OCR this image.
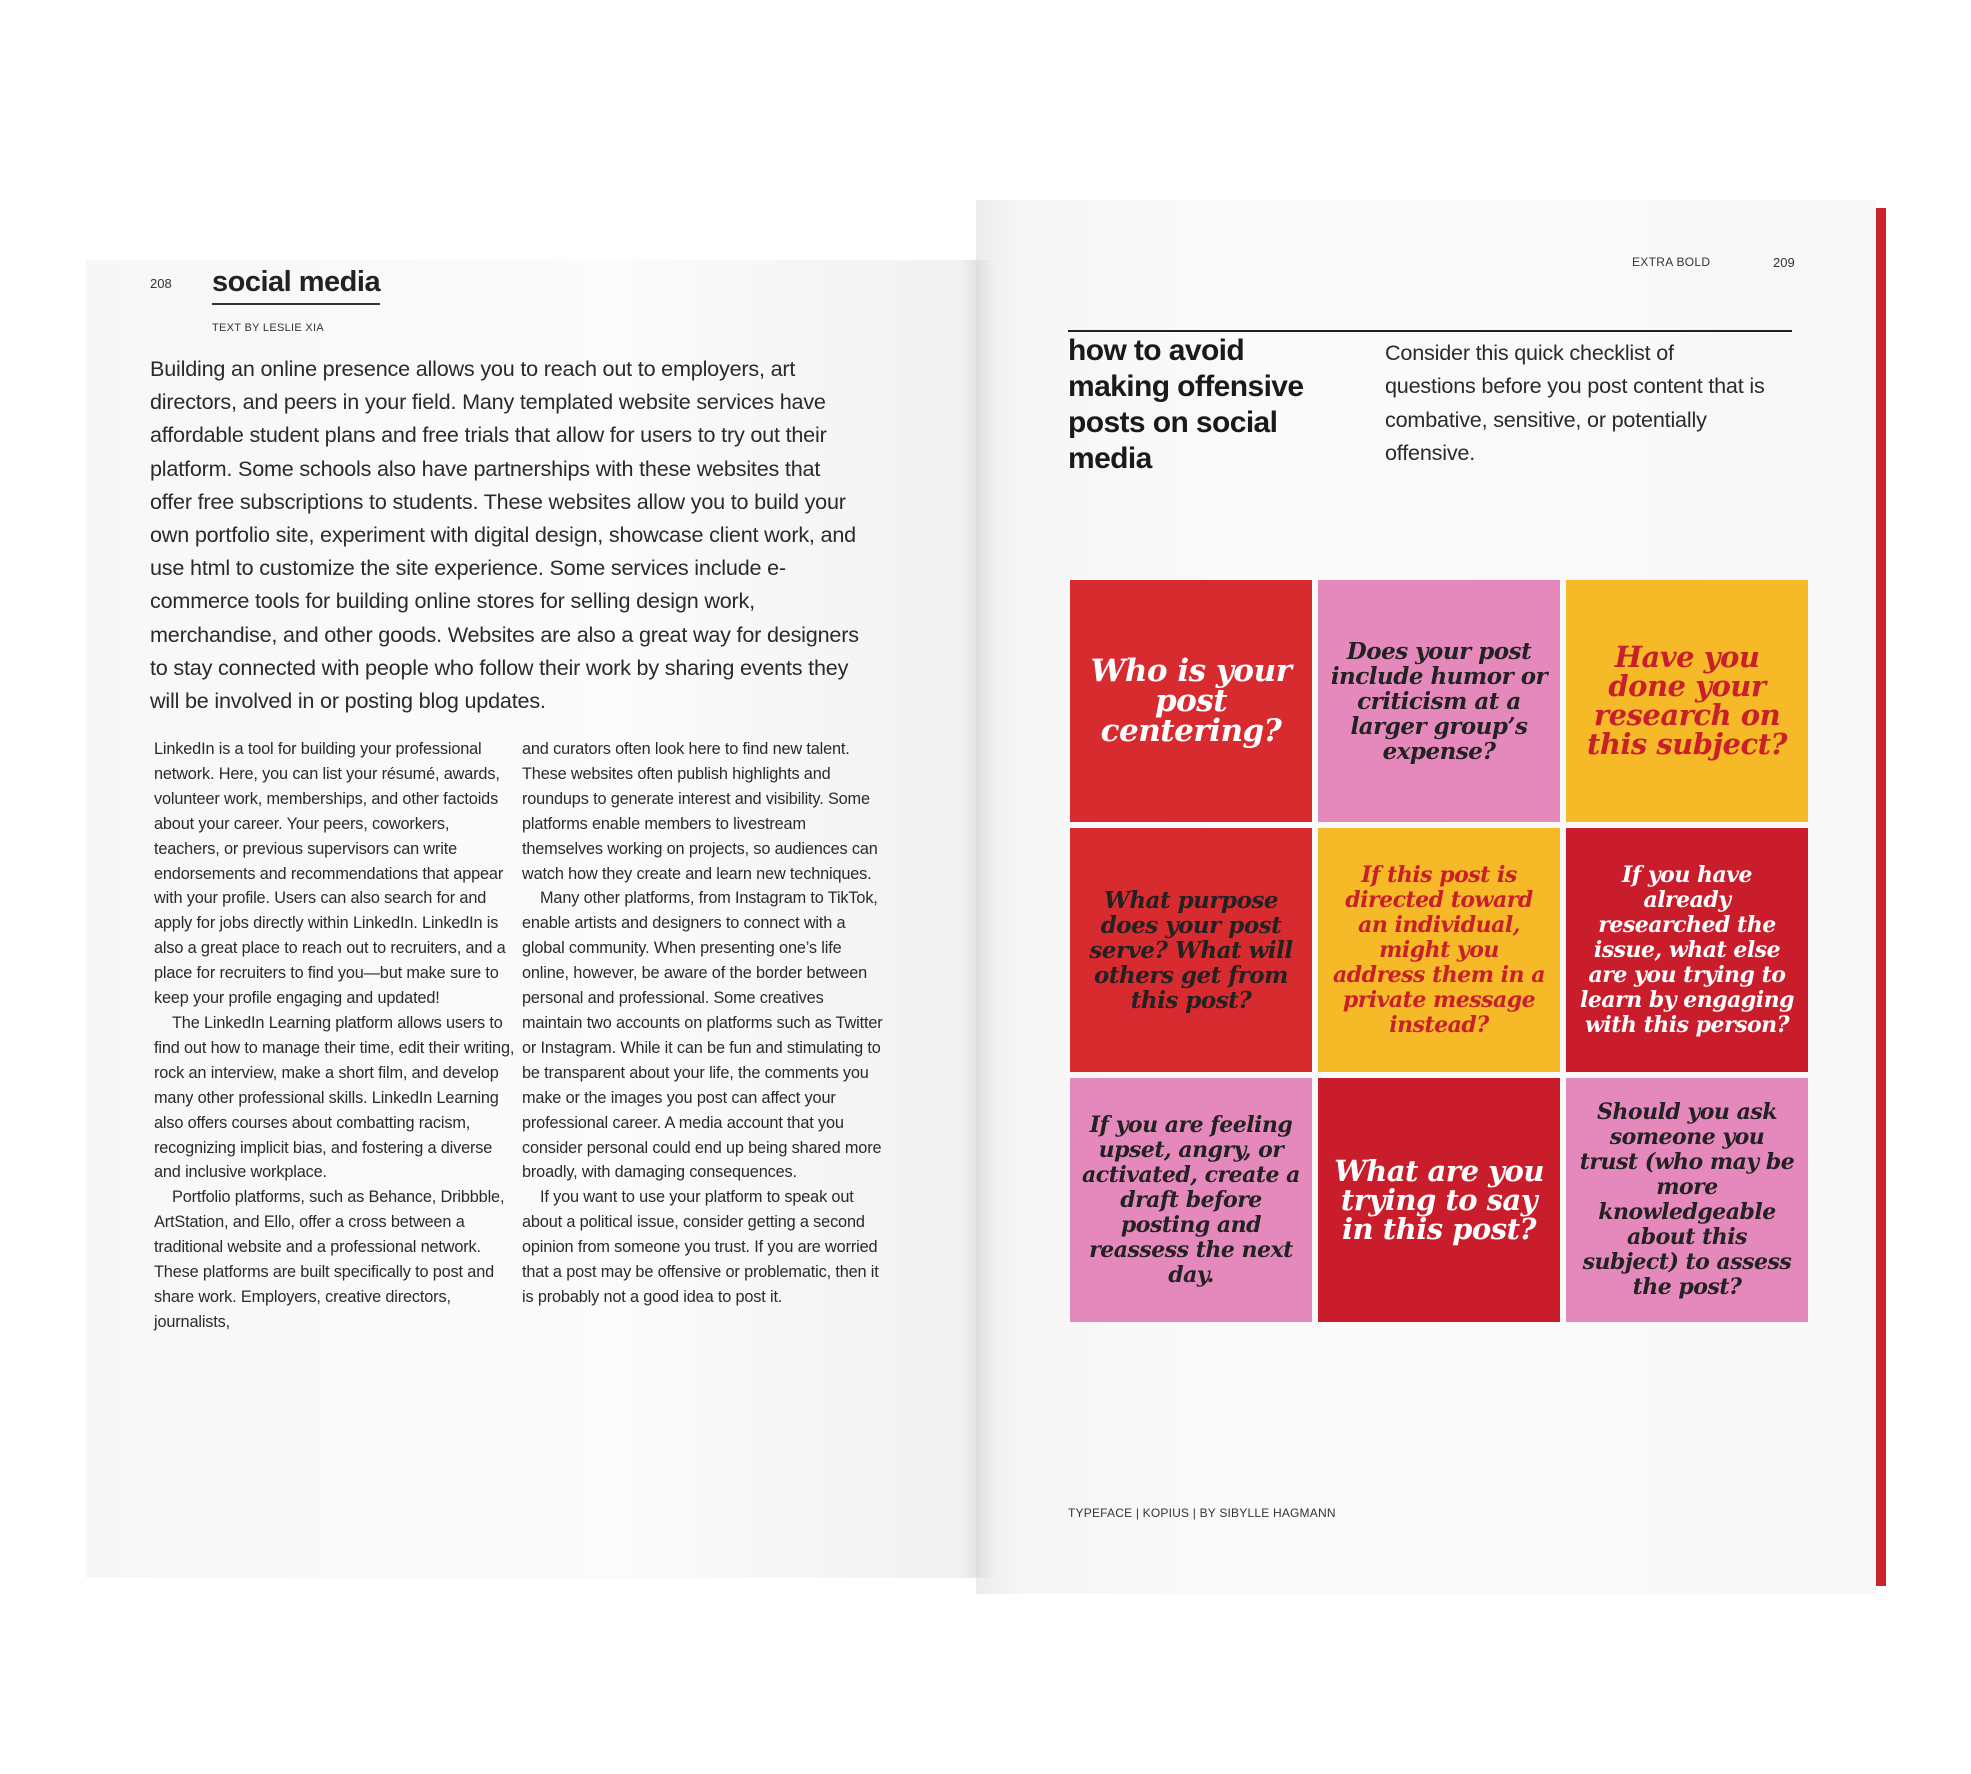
208 social media
TEXT BY LESLIE XIA

Building an online presence allows you to reach out to employers, art directors, and peers in your field. Many templated website services have affordable student plans and free trials that allow for users to try out their platform. Some schools also have partnerships with these websites that offer free subscriptions to students. These websites allow you to build your own portfolio site, experiment with digital design, showcase client work, and use html to customize the site experience. Some services include e-commerce tools for building online stores for selling design work, merchandise, and other goods. Websites are also a great way for designers to stay connected with people who follow their work by sharing events they will be involved in or posting blog updates.

LinkedIn is a tool for building your professional network. Here, you can list your résumé, awards, volunteer work, memberships, and other factoids about your career. Your peers, coworkers, teachers, or previous supervisors can write endorsements and recommendations that appear with your profile. Users can also search for and apply for jobs directly within LinkedIn. LinkedIn is also a great place to reach out to recruiters, and a place for recruiters to find you—but make sure to keep your profile engaging and updated!

The LinkedIn Learning platform allows users to find out how to manage their time, edit their writing, rock an interview, make a short film, and develop many other professional skills. LinkedIn Learning also offers courses about combatting racism, recognizing implicit bias, and fostering a diverse and inclusive workplace.

Portfolio platforms, such as Behance, Dribbble, ArtStation, and Ello, offer a cross between a traditional website and a professional network. These platforms are built specifically to post and share work. Employers, creative directors, journalists,

and curators often look here to find new talent. These websites often publish highlights and roundups to generate interest and visibility. Some platforms enable members to livestream themselves working on projects, so audiences can watch how they create and learn new techniques.

Many other platforms, from Instagram to TikTok, enable artists and designers to connect with a global community. When presenting one’s life online, however, be aware of the border between personal and professional. Some creatives maintain two accounts on platforms such as Twitter or Instagram. While it can be fun and stimulating to be transparent about your life, the comments you make or the images you post can affect your professional career. A media account that you consider personal could end up being shared more broadly, with damaging consequences.

If you want to use your platform to speak out about a political issue, consider getting a second opinion from someone you trust. If you are worried that a post may be offensive or problematic, then it is probably not a good idea to post it.

EXTRA BOLD	209
how to avoid making offensive posts on social media

Consider this quick checklist of questions before you post content that is combative, sensitive, or potentially offensive.

Who is your post centering?
Does your post include humor or criticism at a larger group’s expense?
Have you done your research on this subject?
What purpose does your post serve? What will others get from this post?
If this post is directed toward an individual, might you address them in a private message instead?
If you have already researched the issue, what else are you trying to learn by engaging with this person?
If you are feeling upset, angry, or activated, create a draft before posting and reassess the next day.
What are you trying to say in this post?
Should you ask someone you trust (who may be more knowledgeable about this subject) to assess the post?
TYPEFACE | KOPIUS | BY SIBYLLE HAGMANN
